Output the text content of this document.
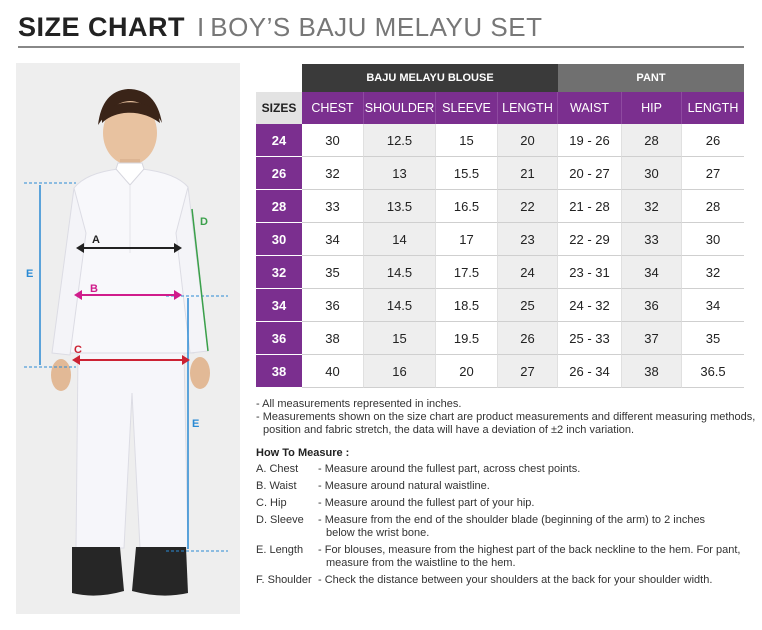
SIZE CHART I BOY’S BAJU MELAYU SET
E
E
D
A
B
C
	BAJU MELAYU BLOUSE				PANT		
SIZES	CHEST	SHOULDER	SLEEVE	LENGTH	WAIST	HIP	LENGTH
24	30	12.5	15	20	19 - 26	28	26
26	32	13	15.5	21	20 - 27	30	27
28	33	13.5	16.5	22	21 - 28	32	28
30	34	14	17	23	22 - 29	33	30
32	35	14.5	17.5	24	23 - 31	34	32
34	36	14.5	18.5	25	24 - 32	36	34
36	38	15	19.5	26	25 - 33	37	35
38	40	16	20	27	26 - 34	38	36.5
- All measurements represented in inches.
- Measurements shown on the size chart are product measurements and different measuring methods, position and fabric stretch, the data will have a deviation of ±2 inch variation.
How To Measure :
A. Chest	- Measure around the fullest part, across chest points.
B. Waist	- Measure around natural waistline.
C. Hip	- Measure around the fullest part of your hip.
D. Sleeve	- Measure from the end of the shoulder blade (beginning of the arm) to 2 inches below the wrist bone.
E. Length	- For blouses, measure from the highest part of the back neckline to the hem. For pant, measure from the waistline to the hem.
F. Shoulder - Check the distance between your shoulders at the back for your shoulder width.
